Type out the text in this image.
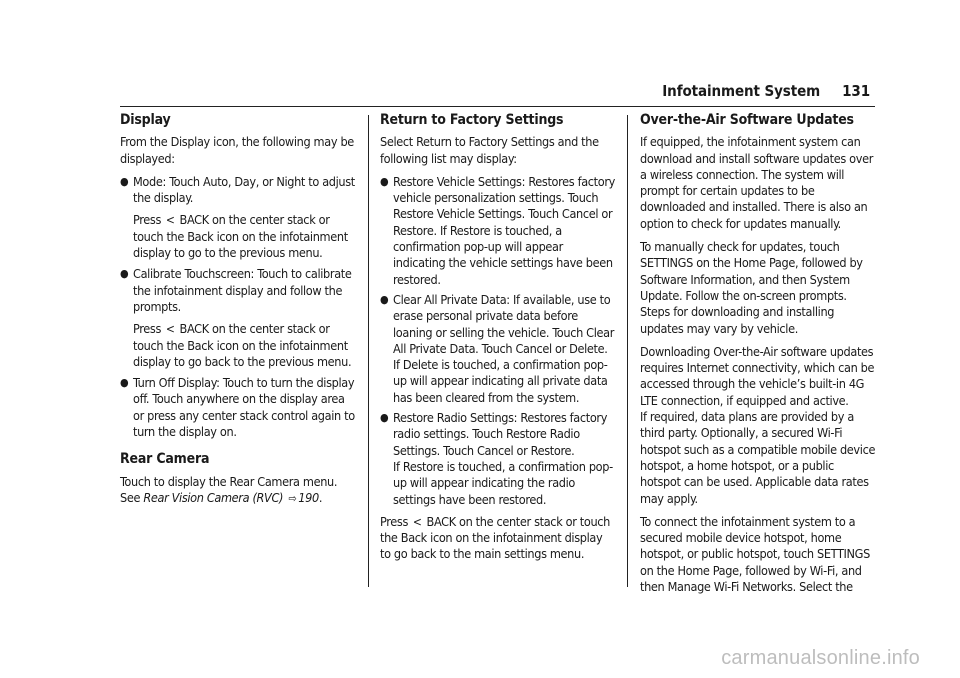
Infotainment System 131
Display

From the Display icon, the following may be displayed:

● Mode: Touch Auto, Day, or Night to adjust the display.
Press < BACK on the center stack or touch the Back icon on the infotainment display to go to the previous menu.
● Calibrate Touchscreen: Touch to calibrate the infotainment display and follow the prompts.
Press < BACK on the center stack or touch the Back icon on the infotainment display to go back to the previous menu.
● Turn Off Display: Touch to turn the display off. Touch anywhere on the display area or press any center stack control again to turn the display on.
Rear Camera

Touch to display the Rear Camera menu. See Rear Vision Camera (RVC) ⇨ 190.

Return to Factory Settings

Select Return to Factory Settings and the following list may display:

● Restore Vehicle Settings: Restores factory vehicle personalization settings. Touch Restore Vehicle Settings. Touch Cancel or Restore. If Restore is touched, a confirmation pop-up will appear indicating the vehicle settings have been restored.
● Clear All Private Data: If available, use to erase personal private data before loaning or selling the vehicle. Touch Clear All Private Data. Touch Cancel or Delete.
If Delete is touched, a confirmation pop-up will appear indicating all private data has been cleared from the system.
● Restore Radio Settings: Restores factory radio settings. Touch Restore Radio Settings. Touch Cancel or Restore.
If Restore is touched, a confirmation pop-up will appear indicating the radio settings have been restored.

Press < BACK on the center stack or touch the Back icon on the infotainment display to go back to the main settings menu.

Over-the-Air Software Updates

If equipped, the infotainment system can download and install software updates over a wireless connection. The system will prompt for certain updates to be downloaded and installed. There is also an option to check for updates manually.

To manually check for updates, touch SETTINGS on the Home Page, followed by Software Information, and then System Update. Follow the on-screen prompts. Steps for downloading and installing updates may vary by vehicle.

Downloading Over-the-Air software updates requires Internet connectivity, which can be accessed through the vehicle’s built-in 4G LTE connection, if equipped and active.
If required, data plans are provided by a third party. Optionally, a secured Wi-Fi hotspot such as a compatible mobile device hotspot, a home hotspot, or a public hotspot can be used. Applicable data rates may apply.

To connect the infotainment system to a secured mobile device hotspot, home hotspot, or public hotspot, touch SETTINGS on the Home Page, followed by Wi-Fi, and then Manage Wi-Fi Networks. Select the

carmanualsonline.info
